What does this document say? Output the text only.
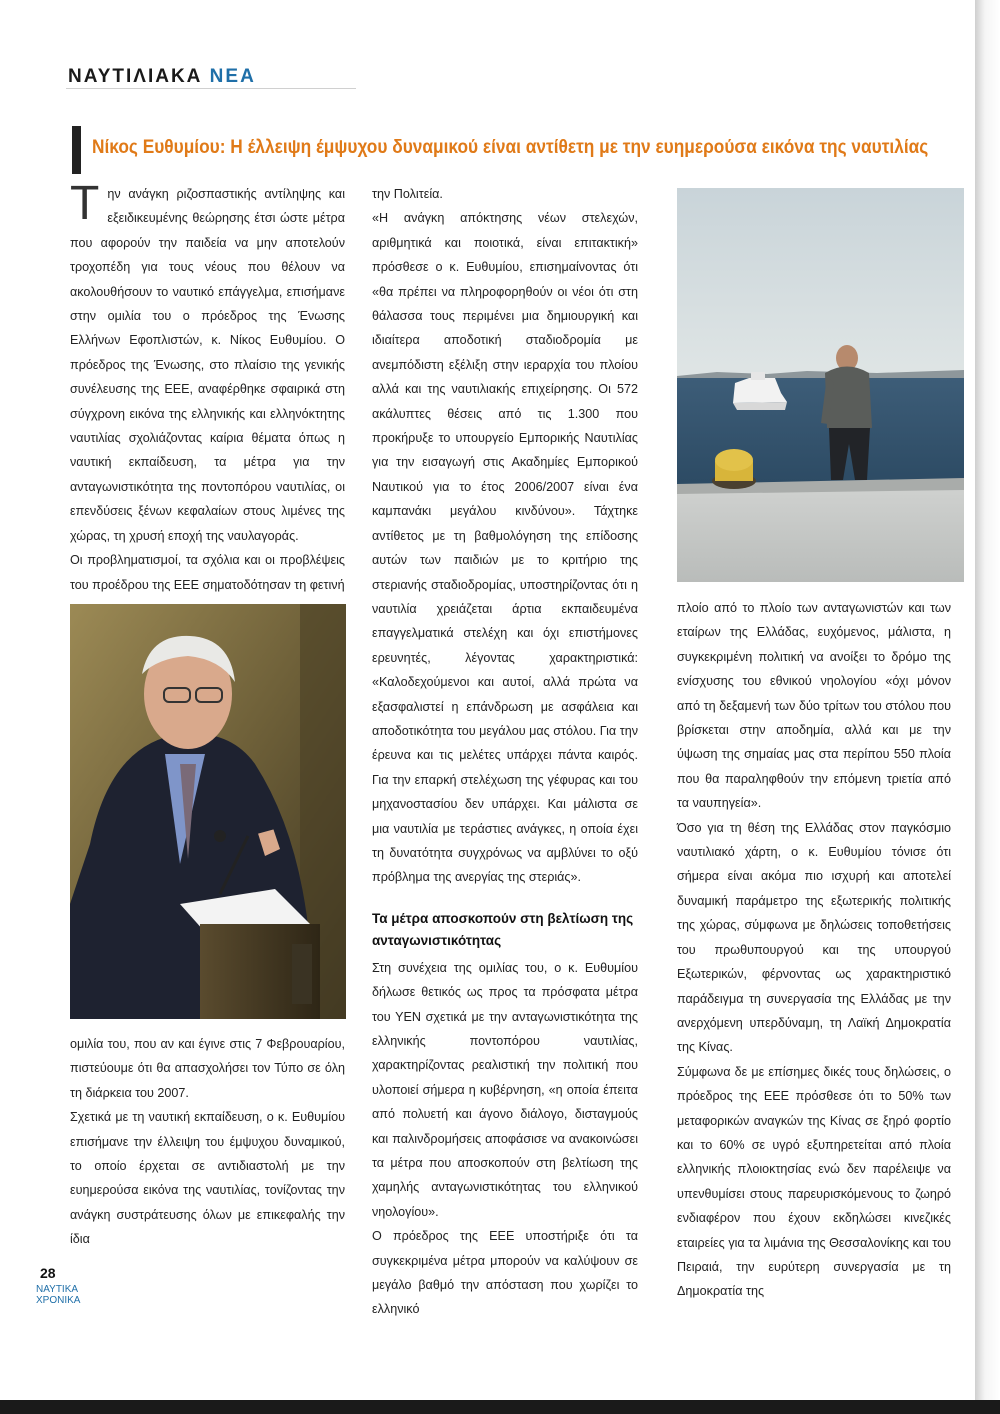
ΝΑΥΤΙΛΙΑΚΑ ΝΕΑ
Νίκος Ευθυμίου: Η έλλειψη έμψυχου δυναμικού είναι αντίθετη με την ευημερούσα εικόνα της ναυτιλίας

Την ανάγκη ριζοσπαστικής αντίληψης και εξειδικευμένης θεώρησης έτσι ώστε μέτρα που αφορούν την παιδεία να μην αποτελούν τροχοπέδη για τους νέους που θέλουν να ακολουθήσουν το ναυτικό επάγγελμα, επισήμανε στην ομιλία του ο πρόεδρος της Ένωσης Ελλήνων Εφοπλιστών, κ. Νίκος Ευθυμίου. Ο πρόεδρος της Ένωσης, στο πλαίσιο της γενικής συνέλευσης της ΕΕΕ, αναφέρθηκε σφαιρικά στη σύγχρονη εικόνα της ελληνικής και ελληνόκτητης ναυτιλίας σχολιάζοντας καίρια θέματα όπως η ναυτική εκπαίδευση, τα μέτρα για την ανταγωνιστικότητα της ποντοπόρου ναυτιλίας, οι επενδύσεις ξένων κεφαλαίων στους λιμένες της χώρας, τη χρυσή εποχή της ναυλαγοράς.

Οι προβληματισμοί, τα σχόλια και οι προβλέψεις του προέδρου της ΕΕΕ σηματοδότησαν τη φετινή

ομιλία του, που αν και έγινε στις 7 Φεβρουαρίου, πιστεύουμε ότι θα απασχολήσει τον Τύπο σε όλη τη διάρκεια του 2007.

Σχετικά με τη ναυτική εκπαίδευση, ο κ. Ευθυμίου επισήμανε την έλλειψη του έμψυχου δυναμικού, το οποίο έρχεται σε αντιδιαστολή με την ευημερούσα εικόνα της ναυτιλίας, τονίζοντας την ανάγκη συστράτευσης όλων με επικεφαλής την ίδια

την Πολιτεία.

«Η ανάγκη απόκτησης νέων στελεχών, αριθμητικά και ποιοτικά, είναι επιτακτική» πρόσθεσε ο κ. Ευθυμίου, επισημαίνοντας ότι «θα πρέπει να πληροφορηθούν οι νέοι ότι στη θάλασσα τους περιμένει μια δημιουργική και ιδιαίτερα αποδοτική σταδιοδρομία με ανεμπόδιστη εξέλιξη στην ιεραρχία του πλοίου αλλά και της ναυτιλιακής επιχείρησης. Οι 572 ακάλυπτες θέσεις από τις 1.300 που προκήρυξε το υπουργείο Εμπορικής Ναυτιλίας για την εισαγωγή στις Ακαδημίες Εμπορικού Ναυτικού για το έτος 2006/2007 είναι ένα καμπανάκι μεγάλου κινδύνου». Τάχτηκε αντίθετος με τη βαθμολόγηση της επίδοσης αυτών των παιδιών με το κριτήριο της στεριανής σταδιοδρομίας, υποστηρίζοντας ότι η ναυτιλία χρειάζεται άρτια εκπαιδευμένα επαγγελματικά στελέχη και όχι επιστήμονες ερευνητές, λέγοντας χαρακτηριστικά: «Καλοδεχούμενοι και αυτοί, αλλά πρώτα να εξασφαλιστεί η επάνδρωση με ασφάλεια και αποδοτικότητα του μεγάλου μας στόλου. Για την έρευνα και τις μελέτες υπάρχει πάντα καιρός. Για την επαρκή στελέχωση της γέφυρας και του μηχανοστασίου δεν υπάρχει. Και μάλιστα σε μια ναυτιλία με τεράστιες ανάγκες, η οποία έχει τη δυνατότητα συγχρόνως να αμβλύνει το οξύ πρόβλημα της ανεργίας της στεριάς».

Τα μέτρα αποσκοπούν στη βελτίωση της ανταγωνιστικότητας

Στη συνέχεια της ομιλίας του, ο κ. Ευθυμίου δήλωσε θετικός ως προς τα πρόσφατα μέτρα του ΥΕΝ σχετικά με την ανταγωνιστικότητα της ελληνικής ποντοπόρου ναυτιλίας, χαρακτηρίζοντας ρεαλιστική την πολιτική που υλοποιεί σήμερα η κυβέρνηση, «η οποία έπειτα από πολυετή και άγονο διάλογο, δισταγμούς και παλινδρομήσεις αποφάσισε να ανακοινώσει τα μέτρα που αποσκοπούν στη βελτίωση της χαμηλής ανταγωνιστικότητας του ελληνικού νηολογίου».

Ο πρόεδρος της ΕΕΕ υποστήριξε ότι τα συγκεκριμένα μέτρα μπορούν να καλύψουν σε μεγάλο βαθμό την απόσταση που χωρίζει το ελληνικό

πλοίο από το πλοίο των ανταγωνιστών και των εταίρων της Ελλάδας, ευχόμενος, μάλιστα, η συγκεκριμένη πολιτική να ανοίξει το δρόμο της ενίσχυσης του εθνικού νηολογίου «όχι μόνον από τη δεξαμενή των δύο τρίτων του στόλου που βρίσκεται στην αποδημία, αλλά και με την ύψωση της σημαίας μας στα περίπου 550 πλοία που θα παραληφθούν την επόμενη τριετία από τα ναυπηγεία».

Όσο για τη θέση της Ελλάδας στον παγκόσμιο ναυτιλιακό χάρτη, ο κ. Ευθυμίου τόνισε ότι σήμερα είναι ακόμα πιο ισχυρή και αποτελεί δυναμική παράμετρο της εξωτερικής πολιτικής της χώρας, σύμφωνα με δηλώσεις τοποθετήσεις του πρωθυπουργού και της υπουργού Εξωτερικών, φέρνοντας ως χαρακτηριστικό παράδειγμα τη συνεργασία της Ελλάδας με την ανερχόμενη υπερδύναμη, τη Λαϊκή Δημοκρατία της Κίνας.

Σύμφωνα δε με επίσημες δικές τους δηλώσεις, ο πρόεδρος της ΕΕΕ πρόσθεσε ότι το 50% των μεταφορικών αναγκών της Κίνας σε ξηρό φορτίο και το 60% σε υγρό εξυπηρετείται από πλοία ελληνικής πλοιοκτησίας ενώ δεν παρέλειψε να υπενθυμίσει στους παρευρισκόμενους το ζωηρό ενδιαφέρον που έχουν εκδηλώσει κινεζικές εταιρείες για τα λιμάνια της Θεσσαλονίκης και του Πειραιά, την ευρύτερη συνεργασία με τη Δημοκρατία της

28
ΝΑΥΤΙΚΑ
ΧΡΟΝΙΚΑ
